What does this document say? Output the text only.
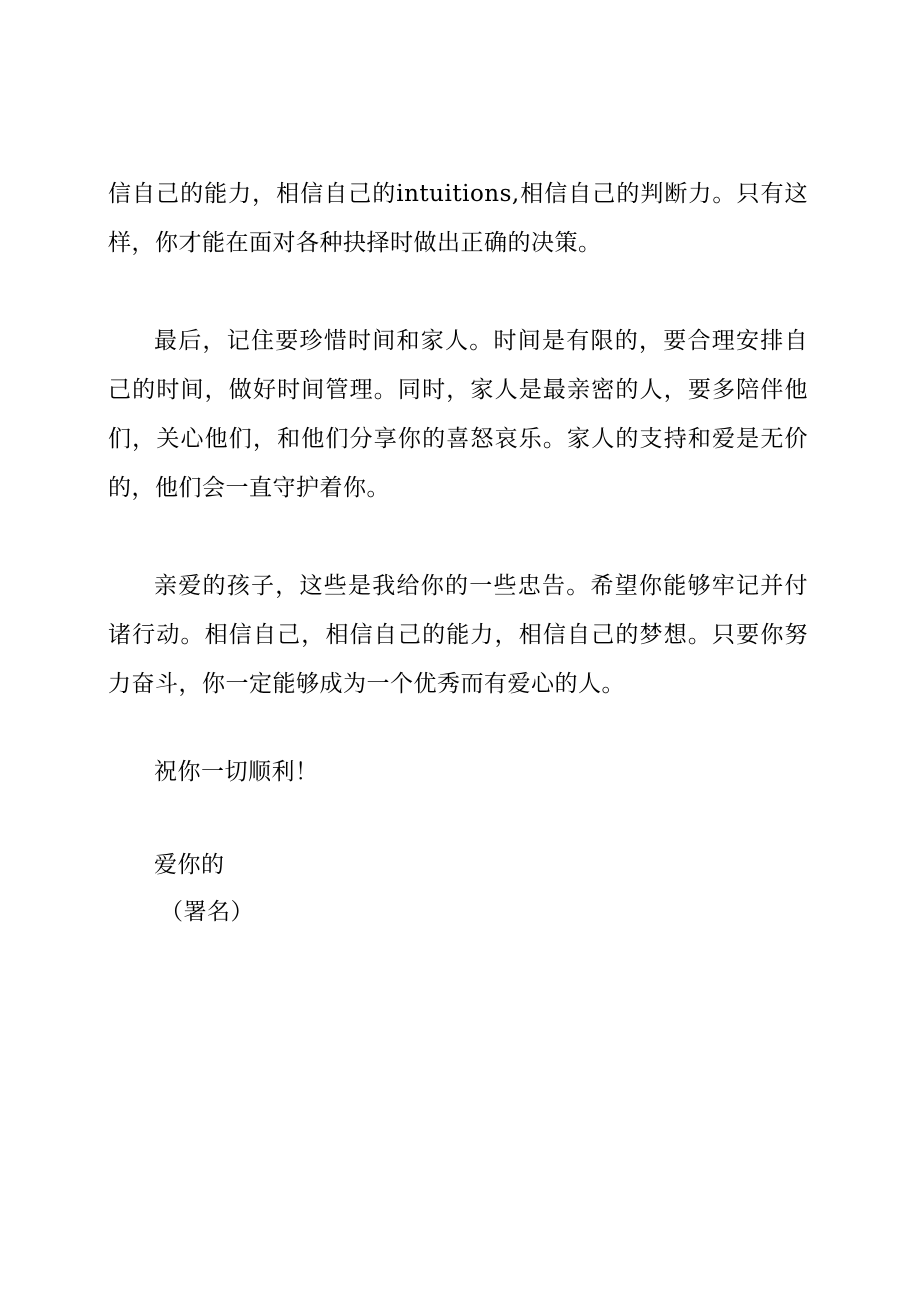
信自己的能力，相信自己的intuitions,相信自己的判断力。只有这样，你才能在面对各种抉择时做出正确的决策。

最后，记住要珍惜时间和家人。时间是有限的，要合理安排自己的时间，做好时间管理。同时，家人是最亲密的人，要多陪伴他们，关心他们，和他们分享你的喜怒哀乐。家人的支持和爱是无价的，他们会一直守护着你。

亲爱的孩子，这些是我给你的一些忠告。希望你能够牢记并付诸行动。相信自己，相信自己的能力，相信自己的梦想。只要你努力奋斗，你一定能够成为一个优秀而有爱心的人。

祝你一切顺利！

爱你的

（署名）
